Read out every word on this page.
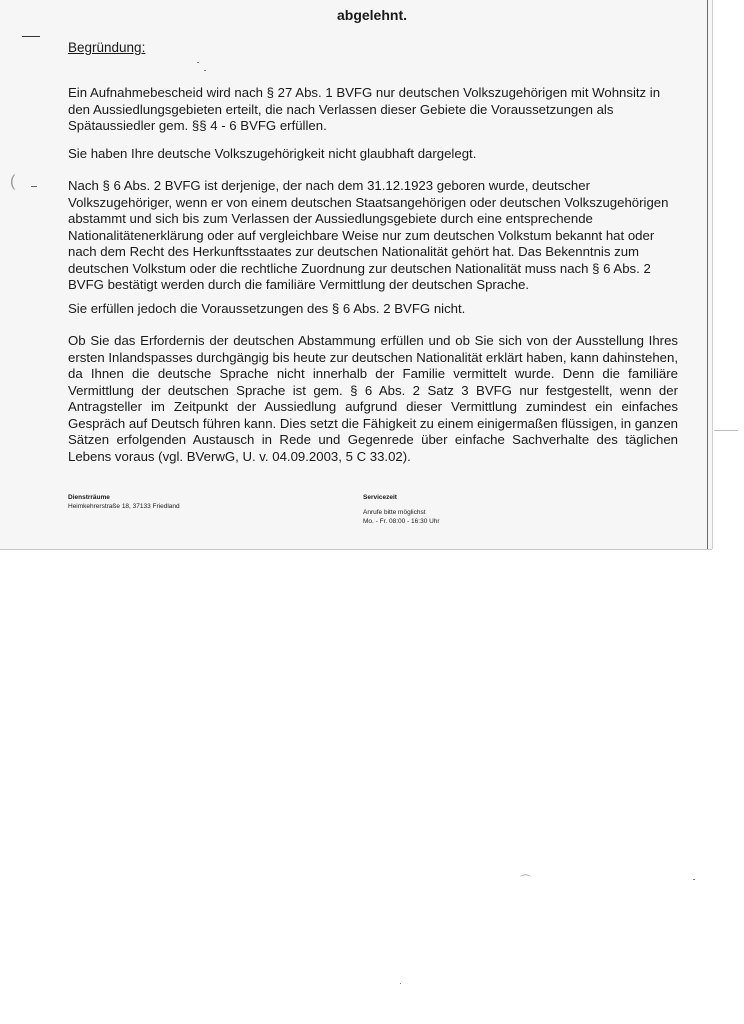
abgelehnt.
(
Begründung:

Ein Aufnahmebescheid wird nach § 27 Abs. 1 BVFG nur deutschen Volkszugehörigen mit Wohnsitz in den Aussiedlungsgebieten erteilt, die nach Verlassen dieser Gebiete die Voraussetzungen als Spätaussiedler gem. §§ 4 - 6 BVFG erfüllen.

Sie haben Ihre deutsche Volkszugehörigkeit nicht glaubhaft dargelegt.

Nach § 6 Abs. 2 BVFG ist derjenige, der nach dem 31.12.1923 geboren wurde, deutscher Volkszugehöriger, wenn er von einem deutschen Staatsangehörigen oder deutschen Volkszugehörigen abstammt und sich bis zum Verlassen der Aussiedlungsgebiete durch eine entsprechende Nationalitätenerklärung oder auf vergleichbare Weise nur zum deutschen Volkstum bekannt hat oder nach dem Recht des Herkunftsstaates zur deutschen Nationalität gehört hat. Das Bekenntnis zum deutschen Volkstum oder die rechtliche Zuordnung zur deutschen Nationalität muss nach § 6 Abs. 2 BVFG bestätigt werden durch die familiäre Vermittlung der deutschen Sprache.

Sie erfüllen jedoch die Voraussetzungen des § 6 Abs. 2 BVFG nicht.

Ob Sie das Erfordernis der deutschen Abstammung erfüllen und ob Sie sich von der Ausstellung Ihres ersten Inlandspasses durchgängig bis heute zur deutschen Nationalität erklärt haben, kann dahinstehen, da Ihnen die deutsche Sprache nicht innerhalb der Familie vermittelt wurde. Denn die familiäre Vermittlung der deutschen Sprache ist gem. § 6 Abs. 2 Satz 3 BVFG nur festgestellt, wenn der Antragsteller im Zeitpunkt der Aussiedlung aufgrund dieser Vermittlung zumindest ein einfaches Gespräch auf Deutsch führen kann. Dies setzt die Fähigkeit zu einem einigermaßen flüssigen, in ganzen Sätzen erfolgenden Austausch in Rede und Gegenrede über einfache Sachverhalte des täglichen Lebens voraus (vgl. BVerwG, U. v. 04.09.2003, 5 C 33.02).

Dienstrräume
Heimkehrerstraße 18, 37133 Friedland
Servicezeit
Anrufe bitte möglichst
Mo. - Fr. 08:00 - 16:30 Uhr
⌒
